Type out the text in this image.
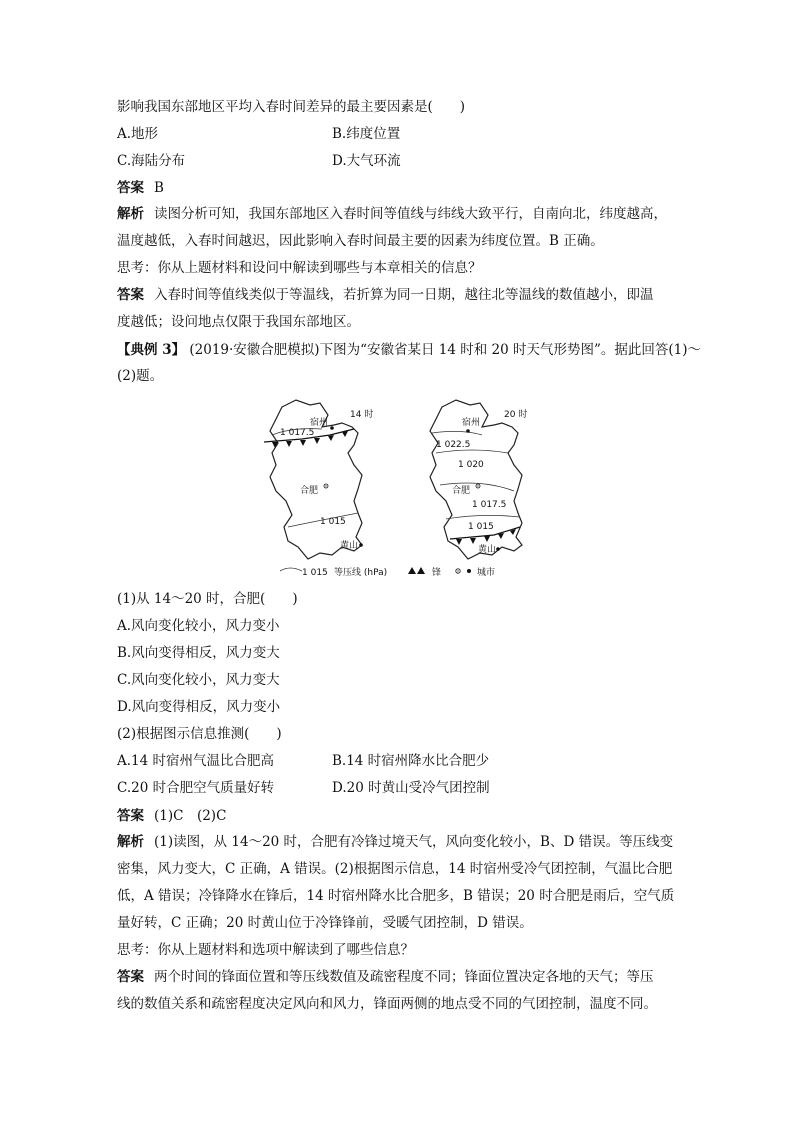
影响我国东部地区平均入春时间差异的最主要因素是(　　)
A.地形	B.纬度位置
C.海陆分布	D.大气环流
答案 B
解析 读图分析可知，我国东部地区入春时间等值线与纬线大致平行，自南向北，纬度越高，
温度越低，入春时间越迟，因此影响入春时间最主要的因素为纬度位置。B 正确。
思考：你从上题材料和设问中解读到哪些与本章相关的信息？
答案 入春时间等值线类似于等温线，若折算为同一日期，越往北等温线的数值越小，即温
度越低；设问地点仅限于我国东部地区。
【典例 3】 (2019·安徽合肥模拟)下图为“安徽省某日 14 时和 20 时天气形势图”。据此回答(1)～
(2)题。
14 时
宿州
1 017.5
合肥
1 015
黄山
20 时
宿州
1 022.5
1 020
合肥
1 017.5
1 015
黄山
1 015 等压线 (hPa)	锋	城市
(1)从 14～20 时，合肥(　　)
A.风向变化较小，风力变小
B.风向变得相反，风力变大
C.风向变化较小，风力变大
D.风向变得相反，风力变小
(2)根据图示信息推测(　　)
A.14 时宿州气温比合肥高	B.14 时宿州降水比合肥少
C.20 时合肥空气质量好转	D.20 时黄山受冷气团控制
答案 (1)C　(2)C
解析 (1)读图，从 14～20 时，合肥有冷锋过境天气，风向变化较小，B、D 错误。等压线变
密集，风力变大，C 正确，A 错误。(2)根据图示信息，14 时宿州受冷气团控制，气温比合肥
低，A 错误；冷锋降水在锋后，14 时宿州降水比合肥多，B 错误；20 时合肥是雨后，空气质
量好转，C 正确；20 时黄山位于冷锋锋前，受暖气团控制，D 错误。
思考：你从上题材料和选项中解读到了哪些信息？
答案 两个时间的锋面位置和等压线数值及疏密程度不同；锋面位置决定各地的天气；等压
线的数值关系和疏密程度决定风向和风力，锋面两侧的地点受不同的气团控制，温度不同。
